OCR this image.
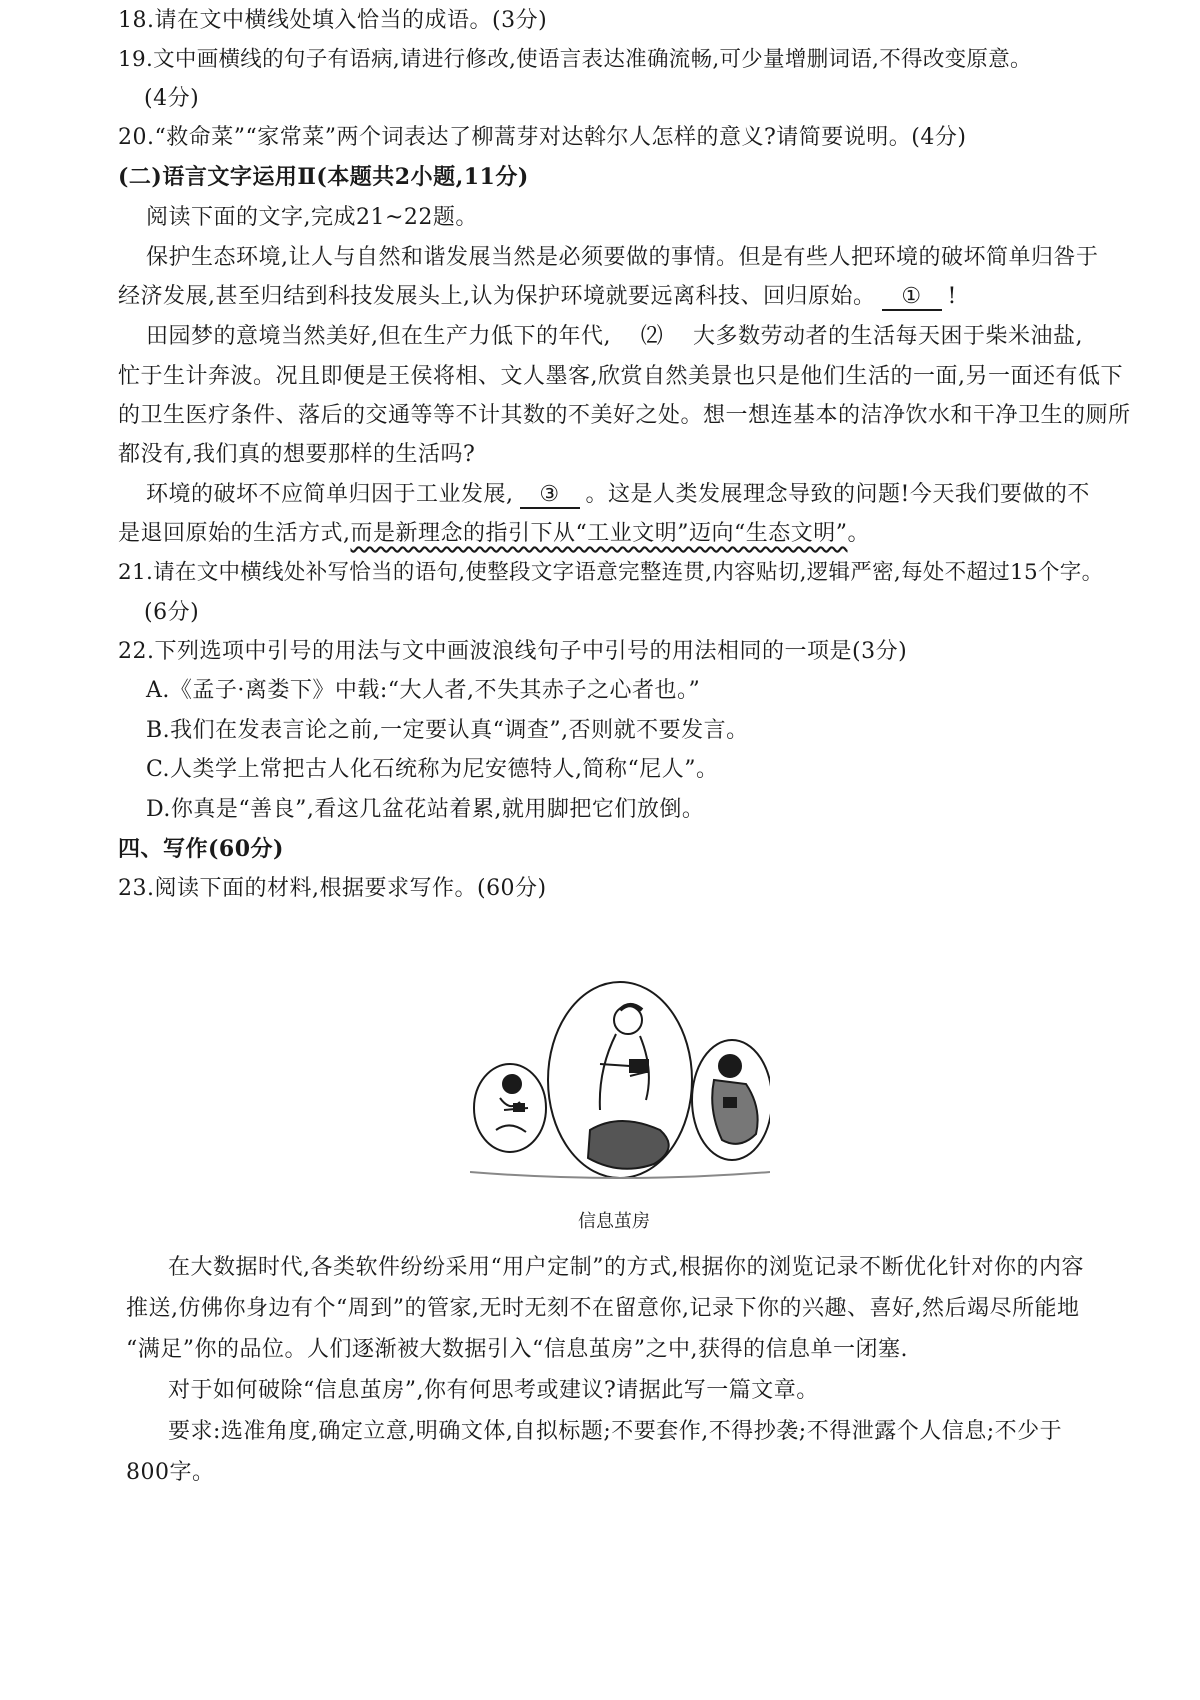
18.请在文中横线处填入恰当的成语。(3分)
19.文中画横线的句子有语病,请进行修改,使语言表达准确流畅,可少量增删词语,不得改变原意。
(4分)
20.“救命菜”“家常菜”两个词表达了柳蒿芽对达斡尔人怎样的意义?请简要说明。(4分)
(二)语言文字运用Ⅱ(本题共2小题,11分)
阅读下面的文字,完成21~22题。
保护生态环境,让人与自然和谐发展当然是必须要做的事情。但是有些人把环境的破坏简单归咎于
经济发展,甚至归结到科技发展头上,认为保护环境就要远离科技、回归原始。 ① !
田园梦的意境当然美好,但在生产力低下的年代, ⑵ 大多数劳动者的生活每天困于柴米油盐,
忙于生计奔波。况且即便是王侯将相、文人墨客,欣赏自然美景也只是他们生活的一面,另一面还有低下
的卫生医疗条件、落后的交通等等不计其数的不美好之处。想一想连基本的洁净饮水和干净卫生的厕所
都没有,我们真的想要那样的生活吗?
环境的破坏不应简单归因于工业发展, ③ 。这是人类发展理念导致的问题!今天我们要做的不
是退回原始的生活方式,而是新理念的指引下从“工业文明”迈向“生态文明”。
21.请在文中横线处补写恰当的语句,使整段文字语意完整连贯,内容贴切,逻辑严密,每处不超过15个字。
(6分)
22.下列选项中引号的用法与文中画波浪线句子中引号的用法相同的一项是(3分)
A.《孟子·离娄下》中载:“大人者,不失其赤子之心者也。”
B.我们在发表言论之前,一定要认真“调查”,否则就不要发言。
C.人类学上常把古人化石统称为尼安德特人,简称“尼人”。
D.你真是“善良”,看这几盆花站着累,就用脚把它们放倒。
四、写作(60分)
23.阅读下面的材料,根据要求写作。(60分)
信息茧房
在大数据时代,各类软件纷纷采用“用户定制”的方式,根据你的浏览记录不断优化针对你的内容
推送,仿佛你身边有个“周到”的管家,无时无刻不在留意你,记录下你的兴趣、喜好,然后竭尽所能地
“满足”你的品位。人们逐渐被大数据引入“信息茧房”之中,获得的信息单一闭塞.
对于如何破除“信息茧房”,你有何思考或建议?请据此写一篇文章。
要求:选准角度,确定立意,明确文体,自拟标题;不要套作,不得抄袭;不得泄露个人信息;不少于
800字。
